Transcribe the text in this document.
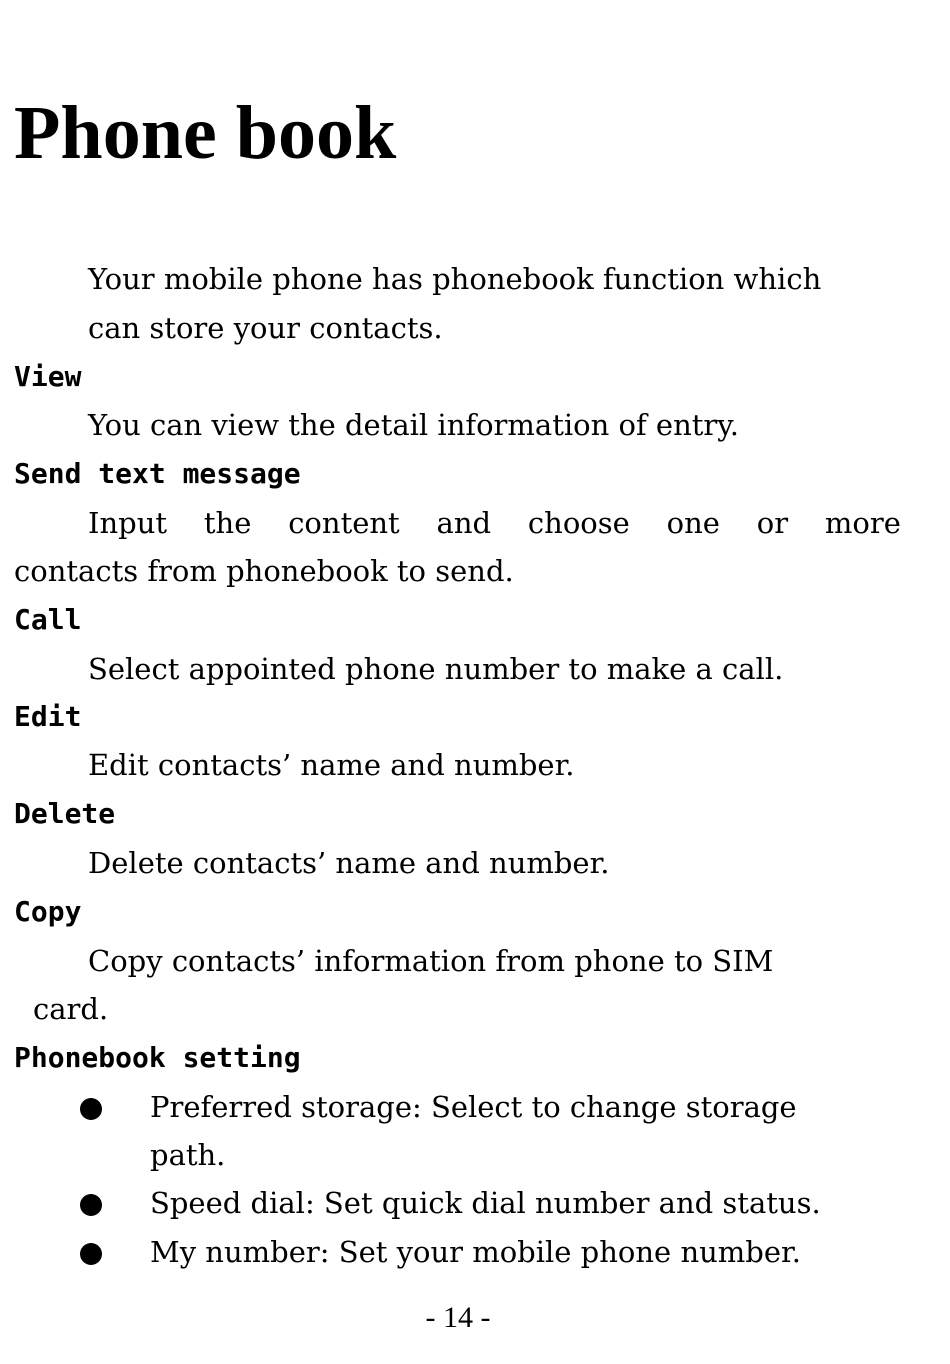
Phone book

Your mobile phone has phonebook function which

can store your contacts.

View

You can view the detail information of entry.

Send text message

Input the content and choose one or more

contacts from phonebook to send.

Call

Select appointed phone number to make a call.

Edit

Edit contacts’ name and number.

Delete

Delete contacts’ name and number.

Copy

Copy contacts’ information from phone to SIM

card.

Phonebook setting

Preferred storage: Select to change storage

path.

Speed dial: Set quick dial number and status.

My number: Set your mobile phone number.

- 14 -
